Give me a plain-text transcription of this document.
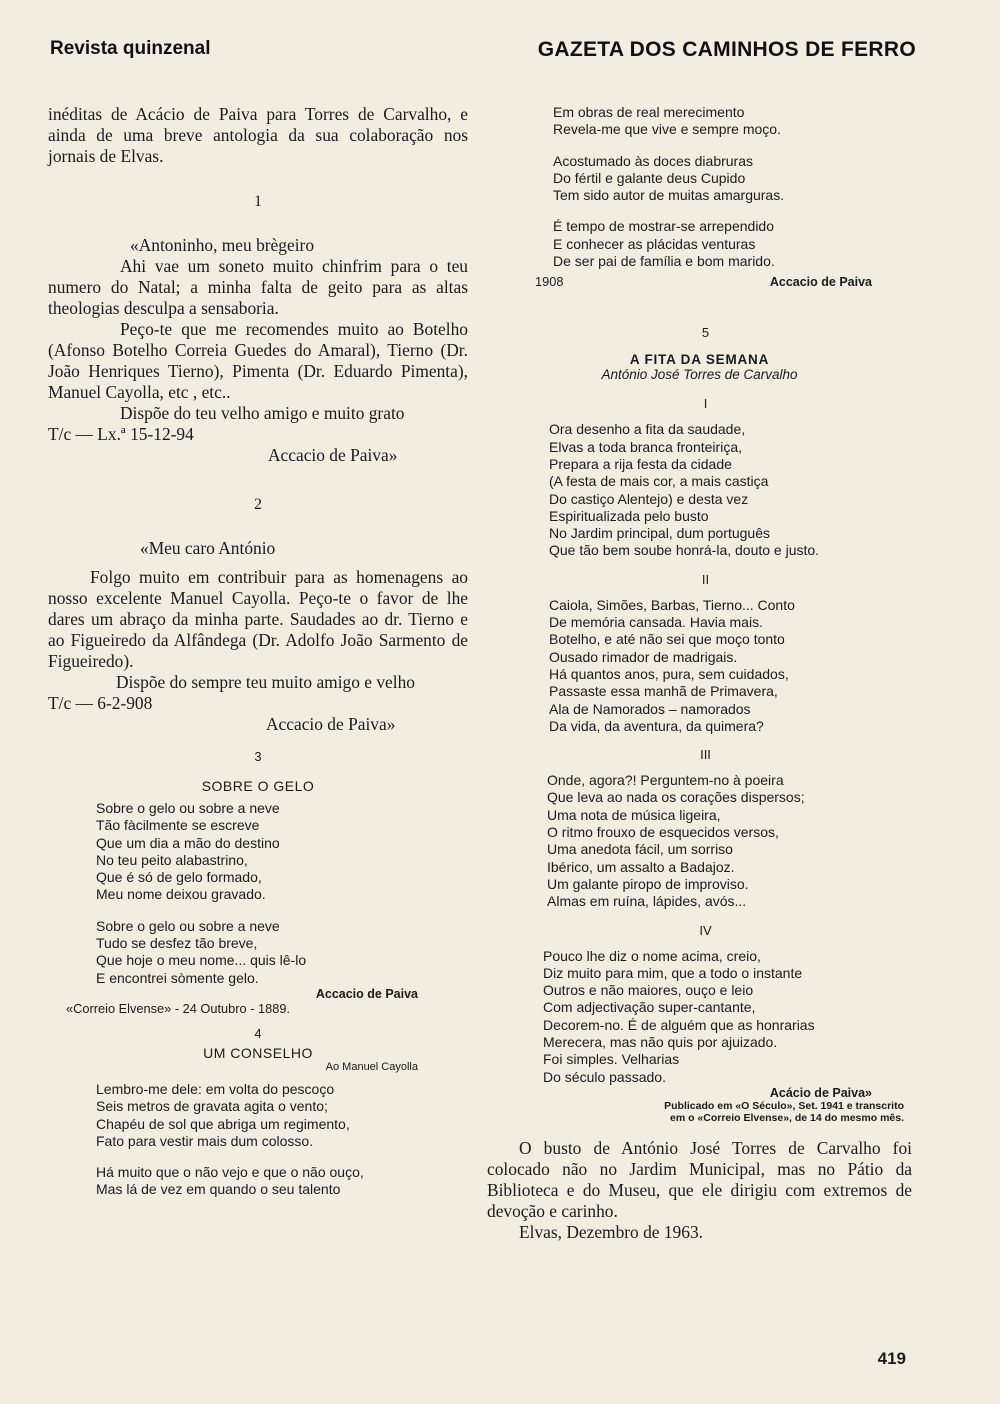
Revista quinzenal	GAZETA DOS CAMINHOS DE FERRO

inéditas de Acácio de Paiva para Torres de Carvalho, e ainda de uma breve antologia da sua colaboração nos jornais de Elvas.

1

«Antoninho, meu brègeiro

Ahi vae um soneto muito chinfrim para o teu numero do Natal; a minha falta de geito para as altas theologias desculpa a sensaboria.

Peço-te que me recomendes muito ao Botelho (Afonso Botelho Correia Guedes do Amaral), Tierno (Dr. João Henriques Tierno), Pimenta (Dr. Eduardo Pimenta), Manuel Cayolla, etc , etc..

Dispõe do teu velho amigo e muito grato

T/c — Lx.ª 15-12-94

Accacio de Paiva»

2

«Meu caro António

Folgo muito em contribuir para as homenagens ao nosso excelente Manuel Cayolla. Peço-te o favor de lhe dares um abraço da minha parte. Saudades ao dr. Tierno e ao Figueiredo da Alfândega (Dr. Adolfo João Sarmento de Figueiredo).

Dispõe do sempre teu muito amigo e velho

T/c — 6-2-908

Accacio de Paiva»

3

SOBRE O GELO

Sobre o gelo ou sobre a neve
Tão fàcilmente se escreve
Que um dia a mão do destino
No teu peito alabastrino,
Que é só de gelo formado,
Meu nome deixou gravado.
Sobre o gelo ou sobre a neve
Tudo se desfez tão breve,
Que hoje o meu nome... quis lê-lo
E encontrei sòmente gelo.

Accacio de Paiva

«Correio Elvense» - 24 Outubro - 1889.

4

UM CONSELHO

Ao Manuel Cayolla

Lembro-me dele: em volta do pescoço
Seis metros de gravata agita o vento;
Chapéu de sol que abriga um regimento,
Fato para vestir mais dum colosso.
Há muito que o não vejo e que o não ouço,
Mas lá de vez em quando o seu talento
Em obras de real merecimento
Revela-me que vive e sempre moço.
Acostumado às doces diabruras
Do fértil e galante deus Cupido
Tem sido autor de muitas amarguras.
É tempo de mostrar-se arrependido
E conhecer as plácidas venturas
De ser pai de família e bom marido.
1908	Accacio de Paiva

5

A FITA DA SEMANA

António José Torres de Carvalho

I

Ora desenho a fita da saudade,
Elvas a toda branca fronteiriça,
Prepara a rija festa da cidade
(A festa de mais cor, a mais castiça
Do castiço Alentejo) e desta vez
Espiritualizada pelo busto
No Jardim principal, dum português
Que tão bem soube honrá-la, douto e justo.

II

Caiola, Simões, Barbas, Tierno... Conto
De memória cansada. Havia mais.
Botelho, e até não sei que moço tonto
Ousado rimador de madrigais.
Há quantos anos, pura, sem cuidados,
Passaste essa manhã de Primavera,
Ala de Namorados – namorados
Da vida, da aventura, da quimera?

III

Onde, agora?! Perguntem-no à poeira
Que leva ao nada os corações dispersos;
Uma nota de música ligeira,
O ritmo frouxo de esquecidos versos,
Uma anedota fácil, um sorriso
Ibérico, um assalto a Badajoz.
Um galante piropo de improviso.
Almas em ruína, lápides, avós...

IV

Pouco lhe diz o nome acima, creio,
Diz muito para mim, que a todo o instante
Outros e não maiores, ouço e leio
Com adjectivação super-cantante,
Decorem-no. É de alguém que as honrarias
Merecera, mas não quis por ajuizado.
Foi simples. Velharias
Do século passado.

Acácio de Paiva»

Publicado em «O Século», Set. 1941 e transcrito

em o «Correio Elvense», de 14 do mesmo mês.

O busto de António José Torres de Carvalho foi colocado não no Jardim Municipal, mas no Pátio da Biblioteca e do Museu, que ele dirigiu com extremos de devoção e carinho.

Elvas, Dezembro de 1963.

419
